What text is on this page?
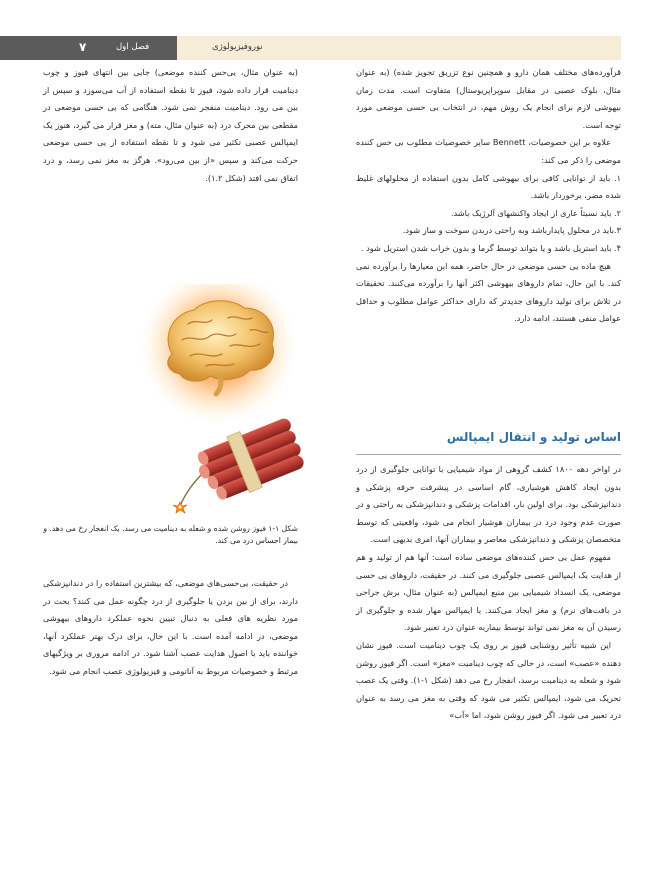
۷	فصل اول	نوروفیزیولوژی

قرآورده‌های مختلف همان دارو و همچنین نوع تزریق تجویز شده) (به عنوان مثال، بلوک عصبی در مقابل سوپراپریوستال) متفاوت است. مدت زمان بیهوشی لازم برای انجام یک روش مهم، در انتخاب بی حسی موضعی مورد توجه است.

علاوه بر این خصوصیات، Bennett سایر خصوصیات مطلوب بی حس کننده موضعی را ذکر می کند:

۱. باید از توانایی کافی برای بیهوشی کامل بدون استفاده از محلولهای غلیظ شده مضر، برخوردار باشد.

۲. باید نسبتاً عاری از ایجاد واکنشهای آلرژیک باشد.

۳.باید در محلول پایدارباشد وبه راحتی دربدن سوخت و ساز شود.

۴. باید استریل باشد و یا بتواند توسط گرما و بدون خراب شدن استریل شود .

هیچ ماده یی حسی موضعی در حال حاضر، همه این معیارها را برآورده نمی کند. با این حال، تمام داروهای بیهوشی اکثر آنها را برآورده می‌کنند. تحقیقات در تلاش برای تولید داروهای جدیدتر که دارای حداکثر عوامل مطلوب و حداقل عوامل منفی هستند، ادامه دارد.

اساس تولید و انتقال ایمپالس

در اواخر دهه ۱۸۰۰ کشف گروهی از مواد شیمیایی با توانایی جلوگیری از درد بدون ایجاد کاهش هوشیاری، گام اساسی در پیشرفت حرفه پزشکی و دندانپزشکی بود. برای اولین بار، اقدامات پزشکی و دندانپزشکی به راحتی و در صورت عدم وجود درد در بیماران هوشیار انجام می شود، واقعیتی که توسط متخصصان پزشکی و دندانپزشکی معاصر و بیماران آنها، امری بدیهی است.

مفهوم عمل یی حس کننده‌های موضعی ساده است: آنها هم از تولید و هم از هدایت یک ایمپالس عصبی جلوگیری می کنند. در حقیقت، داروهای یی حسی موضعی، یک انسداد شیمیایی بین منبع ایمپالس (به عنوان مثال، برش جراحی در بافت‌های نرم) و مغز ایجاد می‌کنند. یا ایمپالس مهار شده و جلوگیری از رسیدن آن به مغز نمی تواند توسط بیماربه عنوان درد تعبیر شود.

این شبیه تأثیر روشنایی فیوز بر روی یک چوب دینامیت است. فیوز نشان دهنده «عصب» است، در حالی که چوب دینامیت «مغز» است. اگر فیوز روشن شود و شعله به دینامیت برسد، انفجار رخ می دهد (شکل ۱-۱). وقتی یک عصب تحریک می شود، ایمپالس تکثیر می شود که وقتی به مغز می رسد به عنوان درد تعبیر می شود. اگر فیوز روشن شود، اما «آب»

(به عنوان مثال، یی‌حس کننده موضعی) جایی بین انتهای فیوز و چوب دینامیت قرار داده شود، فیوز تا نقطه استفاده از آب می‌سوزد و سپس از بین می رود. دینامیت منفجر نمی شود. هنگامی که یی حسی موضعی در مقطعی بین محرک درد (به عنوان مثال، مته) و مغز قرار می گیرد، هنوز یک ایمپالس عصبی تکثیر می شود و تا نقطه استفاده از یی حسی موضعی حرکت می‌کند و سپس «از بین می‌رود». هرگز به مغز نمی رسد، و درد اتفاق نمی افتد (شکل ۱.۲).

شکل ۱-۱ فیوز روشن شده و شعله به دینامیت می رسد. یک انفجار رخ می دهد. و بیمار احساس درد می کند.

در حقیقت، یی‌حسی‌های موضعی، که بیشترین استفاده را در دندانپزشکی دارند، برای از بین بردن یا جلوگیری از درد چگونه عمل می کنند؟ بحث در مورد نظریه های فعلی به دنبال تبیین نحوه عملکرد داروهای بیهوشی موضعی، در ادامه آمده است. با این حال، برای درک بهتر عملکرد آنها، خواننده باید با اصول هدایت عصب آشنا شود. در ادامه مروری بر ویژگیهای مرتبط و خصوصیات مربوط به آناتومی و فیزیولوژی عصب انجام می شود.
